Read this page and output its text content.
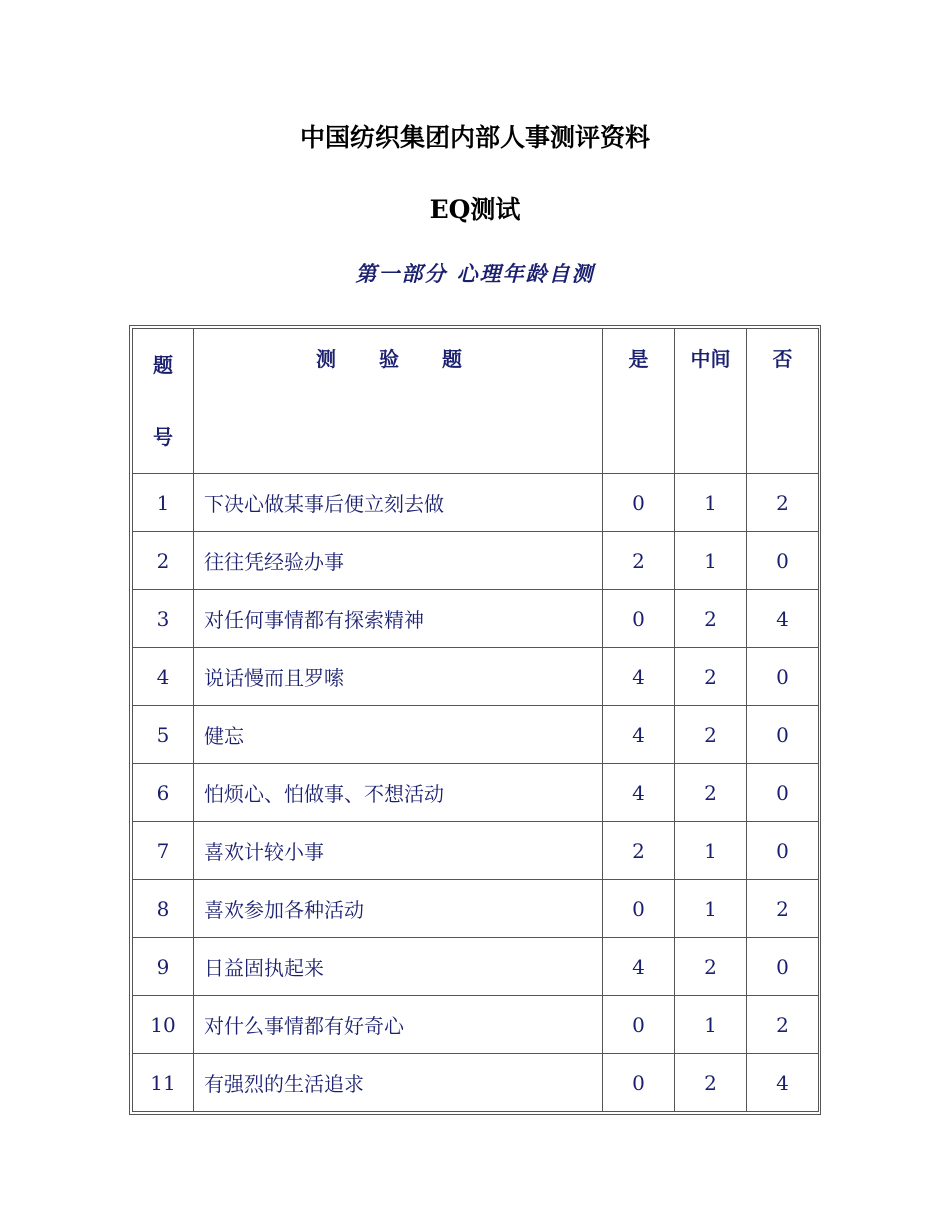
中国纺织集团内部人事测评资料
EQ测试
第一部分 心理年龄自测
题
号	测 验 题	是	中间	否
1	下决心做某事后便立刻去做	0	1	2
2	往往凭经验办事	2	1	0
3	对任何事情都有探索精神	0	2	4
4	说话慢而且罗嗦	4	2	0
5	健忘	4	2	0
6	怕烦心、怕做事、不想活动	4	2	0
7	喜欢计较小事	2	1	0
8	喜欢参加各种活动	0	1	2
9	日益固执起来	4	2	0
10	对什么事情都有好奇心	0	1	2
11	有强烈的生活追求	0	2	4
